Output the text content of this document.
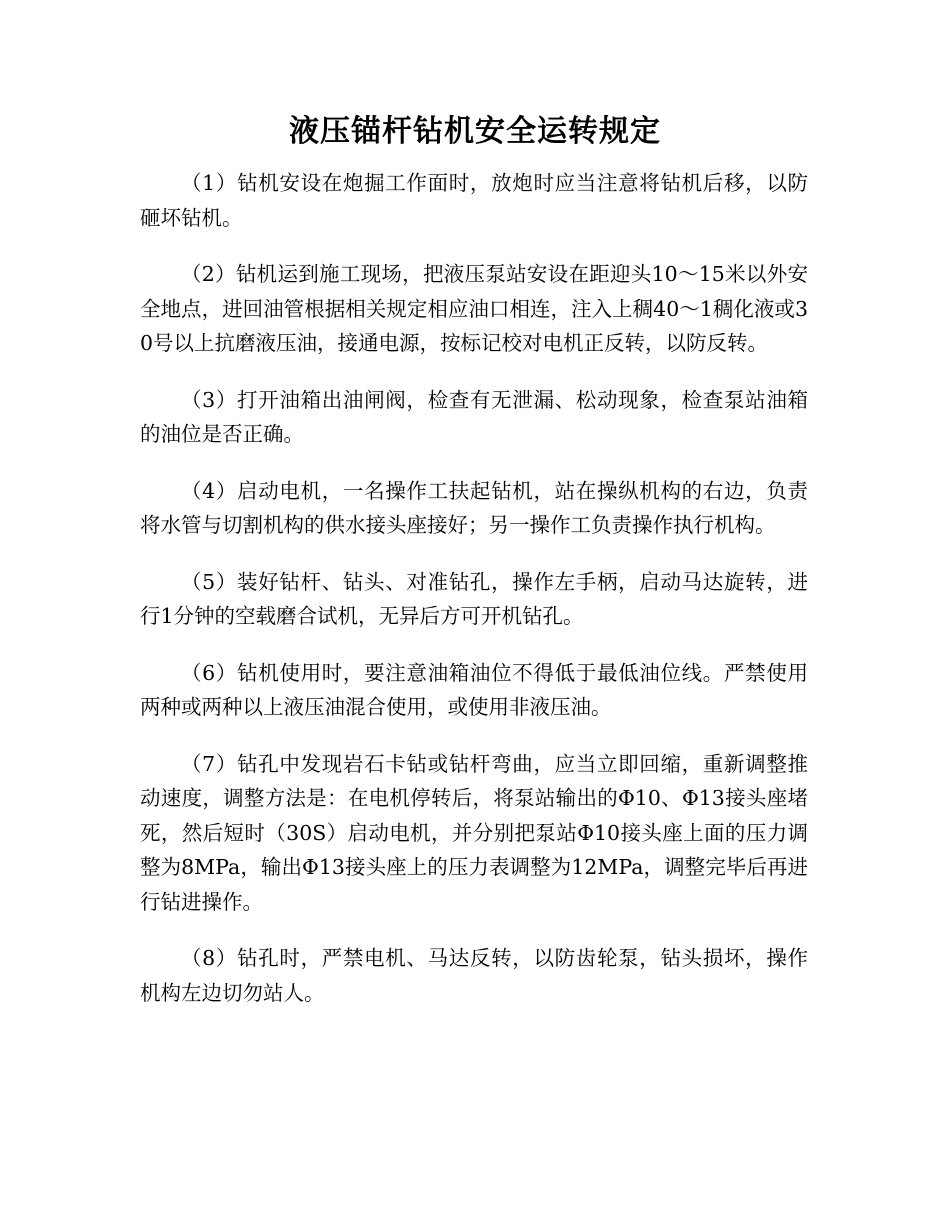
液压锚杆钻机安全运转规定

（1）钻机安设在炮掘工作面时，放炮时应当注意将钻机后移，以防砸坏钻机。

（2）钻机运到施工现场，把液压泵站安设在距迎头10～15米以外安全地点，进回油管根据相关规定相应油口相连，注入上稠40～1稠化液或30号以上抗磨液压油，接通电源，按标记校对电机正反转，以防反转。

（3）打开油箱出油闸阀，检查有无泄漏、松动现象，检查泵站油箱的油位是否正确。

（4）启动电机，一名操作工扶起钻机，站在操纵机构的右边，负责将水管与切割机构的供水接头座接好；另一操作工负责操作执行机构。

（5）装好钻杆、钻头、对准钻孔，操作左手柄，启动马达旋转，进行1分钟的空载磨合试机，无异后方可开机钻孔。

（6）钻机使用时，要注意油箱油位不得低于最低油位线。严禁使用两种或两种以上液压油混合使用，或使用非液压油。

（7）钻孔中发现岩石卡钻或钻杆弯曲，应当立即回缩，重新调整推动速度，调整方法是：在电机停转后，将泵站输出的Φ10、Φ13接头座堵死，然后短时（30S）启动电机，并分别把泵站Φ10接头座上面的压力调整为8MPa，输出Φ13接头座上的压力表调整为12MPa，调整完毕后再进行钻进操作。

（8）钻孔时，严禁电机、马达反转，以防齿轮泵，钻头损坏，操作机构左边切勿站人。
